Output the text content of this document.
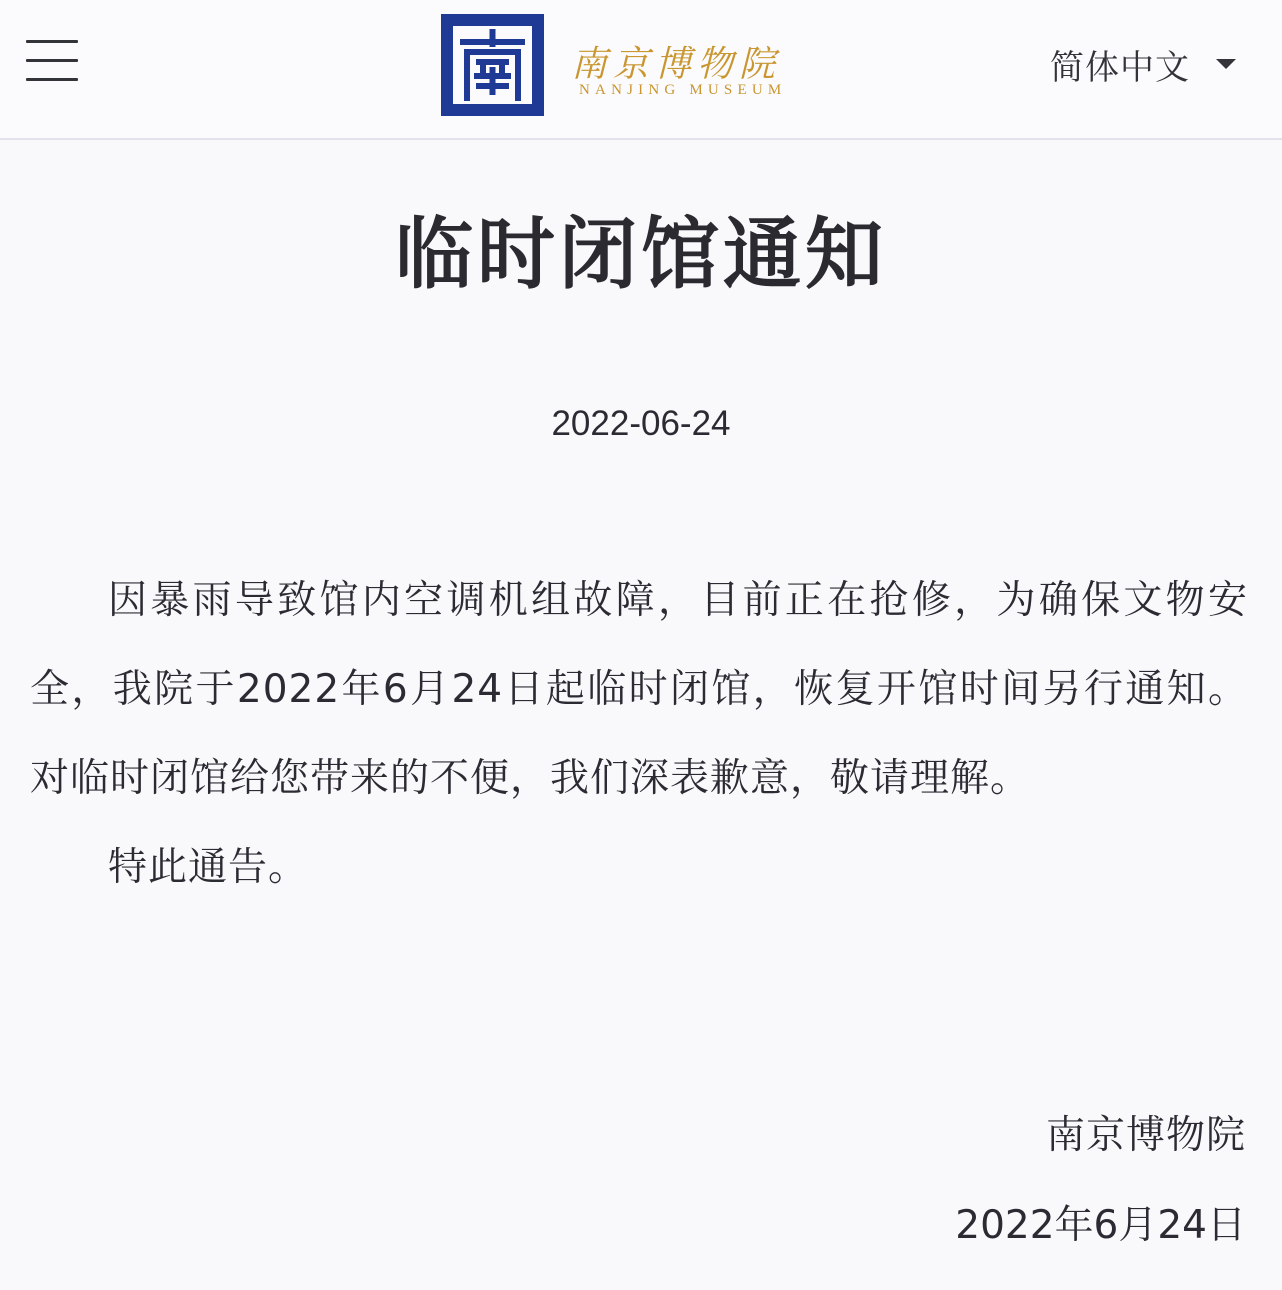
南京博物院
NANJING MUSEUM
简体中文
临时闭馆通知
2022-06-24

因暴雨导致馆内空调机组故障，目前正在抢修，为确保文物安全，我院于2022年6月24日起临时闭馆，恢复开馆时间另行通知。对临时闭馆给您带来的不便，我们深表歉意，敬请理解。

特此通告。

南京博物院
2022年6月24日
